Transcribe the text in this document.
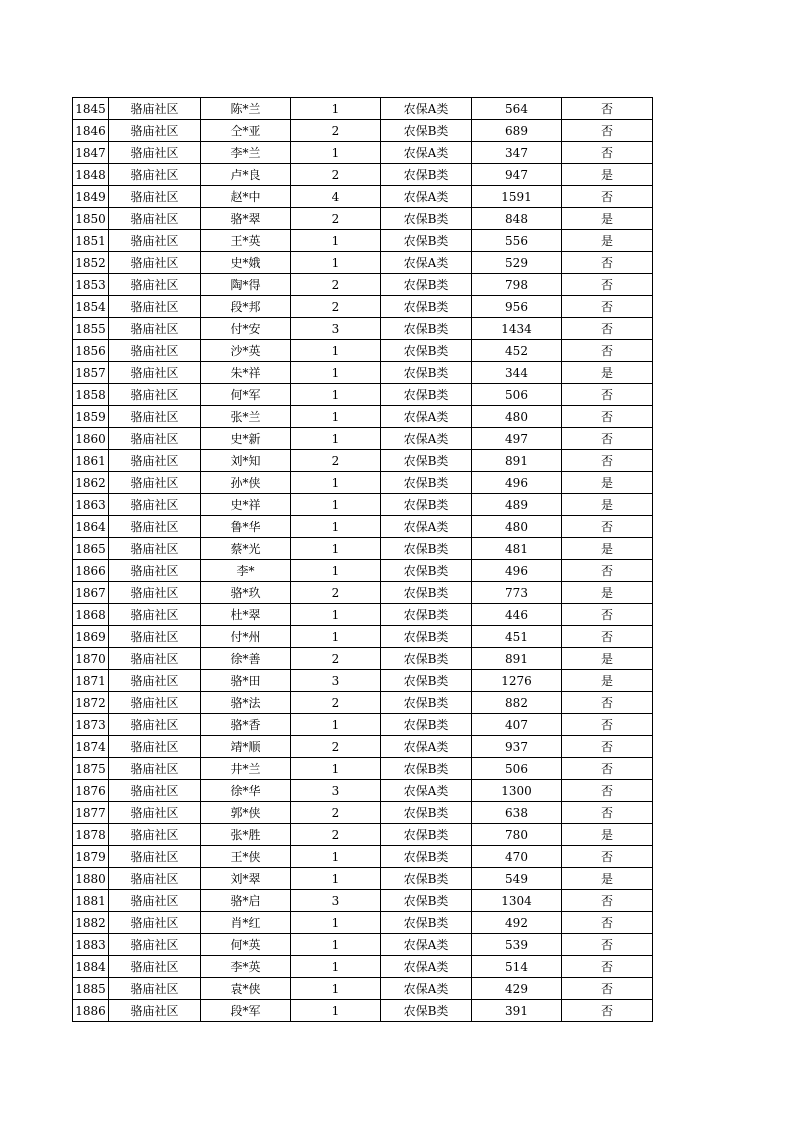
1845	骆庙社区	陈*兰	1	农保A类	564	否
1846	骆庙社区	仝*亚	2	农保B类	689	否
1847	骆庙社区	李*兰	1	农保A类	347	否
1848	骆庙社区	卢*良	2	农保B类	947	是
1849	骆庙社区	赵*中	4	农保A类	1591	否
1850	骆庙社区	骆*翠	2	农保B类	848	是
1851	骆庙社区	王*英	1	农保B类	556	是
1852	骆庙社区	史*娥	1	农保A类	529	否
1853	骆庙社区	陶*得	2	农保B类	798	否
1854	骆庙社区	段*邦	2	农保B类	956	否
1855	骆庙社区	付*安	3	农保B类	1434	否
1856	骆庙社区	沙*英	1	农保B类	452	否
1857	骆庙社区	朱*祥	1	农保B类	344	是
1858	骆庙社区	何*军	1	农保B类	506	否
1859	骆庙社区	张*兰	1	农保A类	480	否
1860	骆庙社区	史*新	1	农保A类	497	否
1861	骆庙社区	刘*知	2	农保B类	891	否
1862	骆庙社区	孙*侠	1	农保B类	496	是
1863	骆庙社区	史*祥	1	农保B类	489	是
1864	骆庙社区	鲁*华	1	农保A类	480	否
1865	骆庙社区	蔡*光	1	农保B类	481	是
1866	骆庙社区	李*	1	农保B类	496	否
1867	骆庙社区	骆*玖	2	农保B类	773	是
1868	骆庙社区	杜*翠	1	农保B类	446	否
1869	骆庙社区	付*州	1	农保B类	451	否
1870	骆庙社区	徐*善	2	农保B类	891	是
1871	骆庙社区	骆*田	3	农保B类	1276	是
1872	骆庙社区	骆*法	2	农保B类	882	否
1873	骆庙社区	骆*香	1	农保B类	407	否
1874	骆庙社区	靖*顺	2	农保A类	937	否
1875	骆庙社区	井*兰	1	农保B类	506	否
1876	骆庙社区	徐*华	3	农保A类	1300	否
1877	骆庙社区	郭*侠	2	农保B类	638	否
1878	骆庙社区	张*胜	2	农保B类	780	是
1879	骆庙社区	王*侠	1	农保B类	470	否
1880	骆庙社区	刘*翠	1	农保B类	549	是
1881	骆庙社区	骆*启	3	农保B类	1304	否
1882	骆庙社区	肖*红	1	农保B类	492	否
1883	骆庙社区	何*英	1	农保A类	539	否
1884	骆庙社区	李*英	1	农保A类	514	否
1885	骆庙社区	袁*侠	1	农保A类	429	否
1886	骆庙社区	段*军	1	农保B类	391	否
